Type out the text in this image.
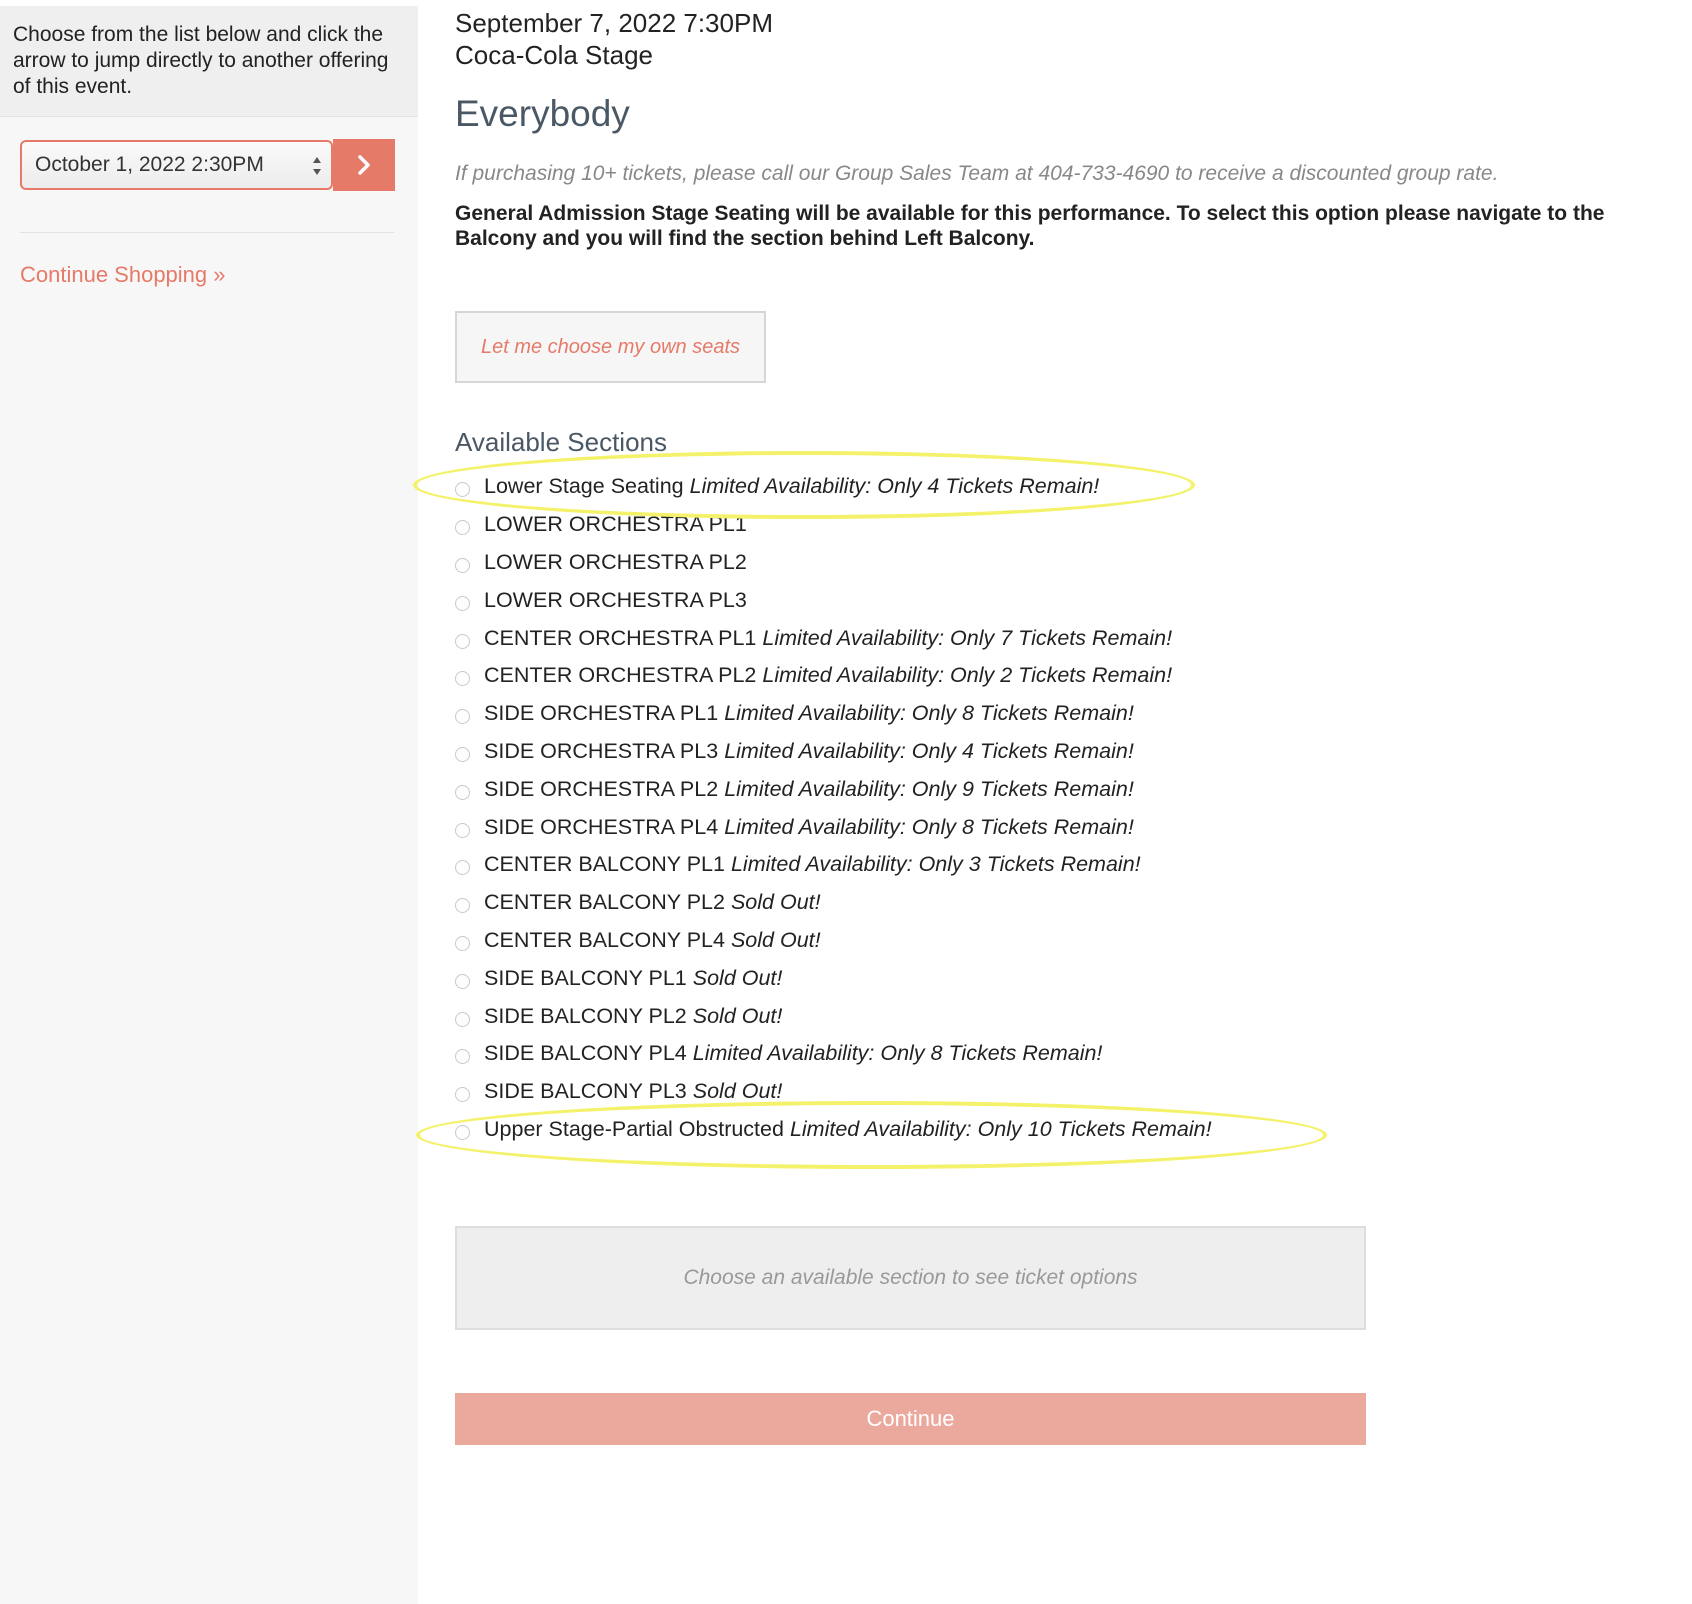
Choose from the list below and click the arrow to jump directly to another offering of this event.
October 1, 2022 2:30PM
Continue Shopping »
September 7, 2022 7:30PM
Coca-Cola Stage
Everybody
If purchasing 10+ tickets, please call our Group Sales Team at 404-733-4690 to receive a discounted group rate.
General Admission Stage Seating will be available for this performance. To select this option please navigate to the Balcony and you will find the section behind Left Balcony.
Let me choose my own seats
Available Sections
Lower Stage Seating Limited Availability: Only 4 Tickets Remain!
LOWER ORCHESTRA PL1
LOWER ORCHESTRA PL2
LOWER ORCHESTRA PL3
CENTER ORCHESTRA PL1 Limited Availability: Only 7 Tickets Remain!
CENTER ORCHESTRA PL2 Limited Availability: Only 2 Tickets Remain!
SIDE ORCHESTRA PL1 Limited Availability: Only 8 Tickets Remain!
SIDE ORCHESTRA PL3 Limited Availability: Only 4 Tickets Remain!
SIDE ORCHESTRA PL2 Limited Availability: Only 9 Tickets Remain!
SIDE ORCHESTRA PL4 Limited Availability: Only 8 Tickets Remain!
CENTER BALCONY PL1 Limited Availability: Only 3 Tickets Remain!
CENTER BALCONY PL2 Sold Out!
CENTER BALCONY PL4 Sold Out!
SIDE BALCONY PL1 Sold Out!
SIDE BALCONY PL2 Sold Out!
SIDE BALCONY PL4 Limited Availability: Only 8 Tickets Remain!
SIDE BALCONY PL3 Sold Out!
Upper Stage-Partial Obstructed Limited Availability: Only 10 Tickets Remain!
Choose an available section to see ticket options
Continue
